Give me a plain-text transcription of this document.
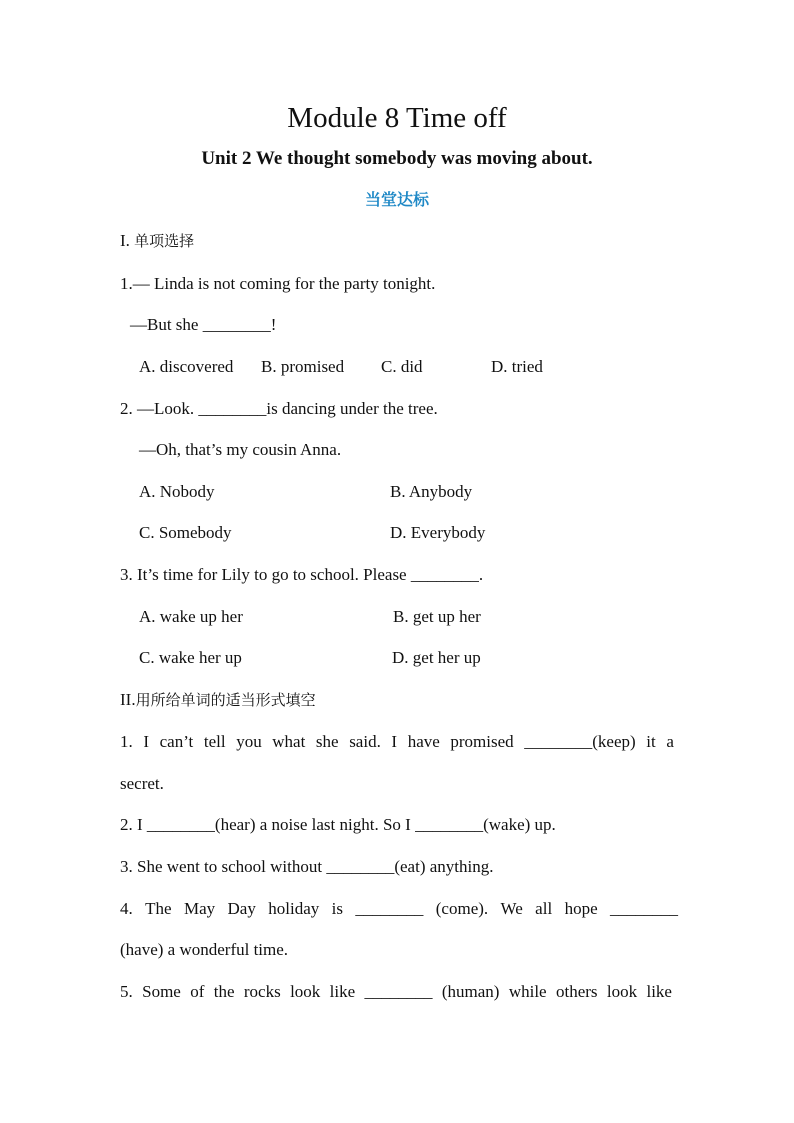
Module 8 Time off
Unit 2 We thought somebody was moving about.
当堂达标
I. 单项选择
1.— Linda is not coming for the party tonight.
—But she ________!
A. discovered B. promised C. did	D. tried
2. —Look. ________is dancing under the tree.
—Oh, that’s my cousin Anna.
A. Nobody	B. Anybody
C. Somebody	D. Everybody
3. It’s time for Lily to go to school. Please ________.
A. wake up her	B. get up her
C. wake her up	D. get her up
II.用所给单词的适当形式填空
1. I can’t tell you what she said. I have promised ________(keep) it a
secret.
2. I ________(hear) a noise last night. So I ________(wake) up.
3. She went to school without ________(eat) anything.
4. The May Day holiday is ________ (come). We all hope ________
(have) a wonderful time.
5. Some of the rocks look like ________ (human) while others look like
